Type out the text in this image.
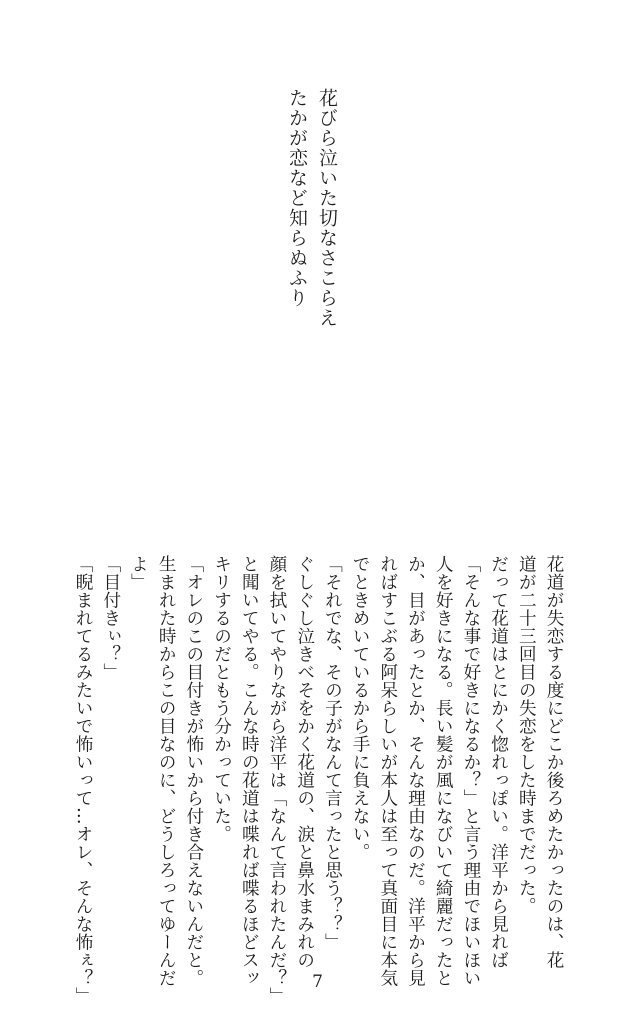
花びら泣いた切なさこらえ
たかが恋など知らぬふり
花道が失恋する度にどこか後ろめたかったのは、花
道が二十三回目の失恋をした時までだった。
だって花道はとにかく惚れっぽい。洋平から見れば
「そんな事で好きになるか？」と言う理由でほいほい
人を好きになる。長い髪が風になびいて綺麗だったと
か、目があったとか、そんな理由なのだ。洋平から見
ればすこぶる阿呆らしいが本人は至って真面目に本気
でときめいているから手に負えない。
「それでな、その子がなんて言ったと思う？？」
ぐしぐし泣きべそをかく花道の、涙と鼻水まみれの
顔を拭いてやりながら洋平は「なんて言われたんだ？」
と聞いてやる。こんな時の花道は喋れば喋るほどスッ
キリするのだともう分かっていた。
「オレのこの目付きが怖いから付き合えないんだと。
生まれた時からこの目なのに、どうしろってゆーんだ
よ」
「目付きぃ？」
「睨まれてるみたいで怖いって…オレ、そんな怖ぇ？」	7
